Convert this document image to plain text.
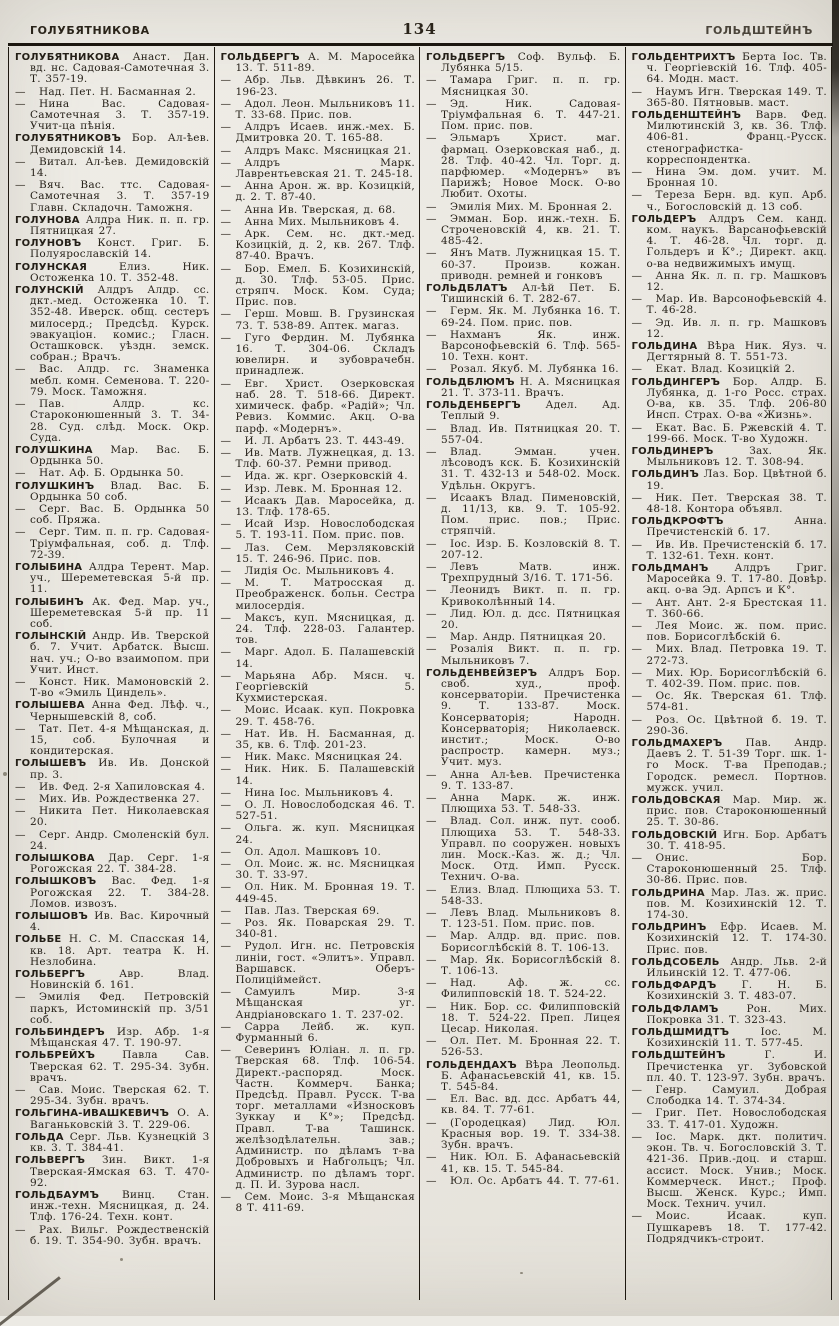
ГОЛУБЯТНИКОВА	ГОЛЬДШТЕЙНЪ
134

ГОЛУБЯТНИКОВА Анаст. Дан. вд. нс. Садовая-Самотечная 3. Т. 357-19.

— Над. Пет. Н. Басманная 2.

— Нина Вас. Садовая-Самотечная 3. Т. 357-19. Учит-ца пѣнія.

ГОЛУБЯТНИКОВЪ Бор. Ал-ѣев. Демидовскій 14.

— Витал. Ал-ѣев. Демидовскій 14.

— Вяч. Вас. ттс. Садовая-Самотечная 3. Т. 357-19 Главн. Складочн. Таможня.

ГОЛУНОВА Алдра Ник. п. п. гр. Пятницкая 27.

ГОЛУНОВЪ Конст. Григ. Б. Полуярославскій 14.

ГОЛУНСКАЯ Елиз. Ник. Остоженка 10. Т. 352-48.

ГОЛУНСКІЙ Алдръ Алдр. сс. дкт.-мед. Остоженка 10. Т. 352-48. Иверск. общ. сестеръ милосерд.; Предсѣд. Курск. эвакуаціон. комис.; Гласн. Осташковск. уѣздн. земск. собран.; Врачъ.

— Вас. Алдр. гс. Знаменка мебл. комн. Семенова. Т. 220-79. Моск. Таможня.

— Пав. Алдр. кс. Староконюшенный 3. Т. 34-28. Суд. слѣд. Моск. Окр. Суда.

ГОЛУШКИНА Мар. Вас. Б. Ордынка 50.

— Нат. Аф. Б. Ордынка 50.

ГОЛУШКИНЪ Влад. Вас. Б. Ордынка 50 соб.

— Серг. Вас. Б. Ордынка 50 соб. Пряжа.

— Серг. Тим. п. п. гр. Садовая-Тріумфальная, соб. д. Тлф. 72-39.

ГОЛЫБИНА Алдра Терент. Мар. уч., Шереметевская 5-й пр. 11.

ГОЛЫБИНЪ Ак. Фед. Мар. уч., Шереметевская 5-й пр. 11 соб.

ГОЛЫНСКІЙ Андр. Ив. Тверской б. 7. Учит. Арбатск. Высш. нач. уч.; О-во взаимопом. при Учит. Инст.

— Конст. Ник. Мамоновскій 2. Т-во «Эмиль Циндель».

ГОЛЫШЕВА Анна Фед. Лѣф. ч., Чернышевскій 8, соб.

— Тат. Пет. 4-я Мѣщанская, д. 15, соб. Булочная и кондитерская.

ГОЛЫШЕВЪ Ив. Ив. Донской пр. 3.

— Ив. Фед. 2-я Хапиловская 4.

— Мих. Ив. Рождественка 27.

— Никита Пет. Николаевская 20.

— Серг. Андр. Смоленскій бул. 24.

ГОЛЫШКОВА Дар. Серг. 1-я Рогожская 22. Т. 384-28.

ГОЛЫШКОВЪ Вас. Фед. 1-я Рогожская 22. Т. 384-28. Ломов. извозъ.

ГОЛЫШОВЪ Ив. Вас. Кирочный 4.

ГОЛЬБЕ Н. С. М. Спасская 14, кв. 18. Арт. театра К. Н. Незлобина.

ГОЛЬБЕРГЪ Авр. Влад. Новинскій б. 161.

— Эмилія Фед. Петровскій паркъ, Истоминскій пр. 3/51 соб.

ГОЛЬБИНДЕРЪ Изр. Абр. 1-я Мѣщанская 47. Т. 190-97.

ГОЛЬБРЕЙХЪ Павла Сав. Тверская 62. Т. 295-34. Зубн. врачъ.

— Сав. Моис. Тверская 62. Т. 295-34. Зубн. врачъ.

ГОЛЬГИНА-ИВАШКЕВИЧЪ О. А. Ваганьковскій 3. Т. 229-06.

ГОЛЬДА Серг. Льв. Кузнецкій 3 кв. 3. Т. 384-41.

ГОЛЬВЕРГЪ Зин. Викт. 1-я Тверская-Ямская 63. Т. 470-92.

ГОЛЬДБАУМЪ Винц. Стан. инж.-техн. Мясницкая, д. 24. Тлф. 176-24. Техн. конт.

— Рах. Вильг. Рождественскій б. 19. Т. 354-90. Зубн. врачъ.

ГОЛЬДБЕРГЪ А. М. Маросейка 13. Т. 511-89.

— Абр. Льв. Дѣвкинъ 26. Т. 196-23.

— Адол. Леон. Мыльниковъ 11. Т. 33-68. Прис. пов.

— Алдръ Исаев. инж.-мех. Б. Дмитровка 20. Т. 165-88.

— Алдръ Макс. Мясницкая 21.

— Алдръ Марк. Лаврентьевская 21. Т. 245-18.

— Анна Арон. ж. вр. Козицкій, д. 2. Т. 87-40.

— Анна Ив. Тверская, д. 68.

— Анна Мих. Мыльниковъ 4.

— Арк. Сем. нс. дкт.-мед. Козицкій, д. 2, кв. 267. Тлф. 87-40. Врачъ.

— Бор. Емел. Б. Козихинскій, д. 30. Тлф. 53-05. Прис. стряпч. Моск. Ком. Суда; Прис. пов.

— Герш. Мовш. В. Грузинская 73. Т. 538-89. Аптек. магаз.

— Гуго Фердин. М. Лубянка 16. Т. 304-06. Складъ ювелирн. и зубоврачебн. принадлеж.

— Евг. Христ. Озерковская наб. 28. Т. 518-66. Директ. химическ. фабр. «Радій»; Чл. Ревиз. Коммис. Акц. О-ва парф. «Модернъ».

— И. Л. Арбатъ 23. Т. 443-49.

— Ив. Матв. Лужнецкая, д. 13. Тлф. 60-37. Ремни привод.

— Ида. ж. крг. Озерковскій 4.

— Изр. Левк. М. Бронная 12.

— Исаакъ Дав. Маросейка, д. 13. Тлф. 178-65.

— Исай Изр. Новослободская 5. Т. 193-11. Пом. прис. пов.

— Лаз. Сем. Мерзляковскій 15. Т. 246-96. Прис. пов.

— Лидія Ос. Мыльниковъ 4.

— М. Т. Матросская д. Преображенск. больн. Сестра милосердія.

— Максъ, куп. Мясницкая, д. 24. Тлф. 228-03. Галантер. тов.

— Марг. Адол. Б. Палашевскій 14.

— Марьяна Абр. Мясн. ч. Георгіевскій 5. Кухмистерская.

— Моис. Исаак. куп. Покровка 29. Т. 458-76.

— Нат. Ив. Н. Басманная, д. 35, кв. 6. Тлф. 201-23.

— Ник. Макс. Мясницкая 24.

— Ник. Ник. Б. Палашевскій 14.

— Нина Іос. Мыльниковъ 4.

— О. Л. Новослободская 46. Т. 527-51.

— Ольга. ж. куп. Мясницкая 24.

— Ол. Адол. Машковъ 10.

— Ол. Моис. ж. нс. Мясницкая 30. Т. 33-97.

— Ол. Ник. М. Бронная 19. Т. 449-45.

— Пав. Лаз. Тверская 69.

— Роз. Як. Поварская 29. Т. 340-81.

— Рудол. Игн. нс. Петровскія линіи, гост. «Элитъ». Управл. Варшавск. Оберъ-Полиціймейст.

— Самуилъ Мир. 3-я Мѣщанская уг. Андріановскаго 1. Т. 237-02.

— Сарра Лейб. ж. куп. Фурманный 6.

— Северинъ Юліан. л. п. гр. Тверская 68. Тлф. 106-54. Директ.-распоряд. Моск. Частн. Коммерч. Банка; Предсѣд. Правл. Русск. Т-ва торг. металлами «Износковъ Зуккау и К°»; Предсѣд. Правл. Т-ва Ташинск. желѣзодѣлательн. зав.; Администр. по дѣламъ т-ва Добровыхъ и Набгольцъ; Чл. Администр. по дѣламъ торг. д. П. И. Зурова насл.

— Сем. Моис. 3-я Мѣщанская 8 Т. 411-69.

ГОЛЬДБЕРГЪ Соф. Вульф. Б. Лубянка 5/15.

— Тамара Григ. п. п. гр. Мясницкая 30.

— Эд. Ник. Садовая-Тріумфальная 6. Т. 447-21. Пом. прис. пов.

— Эльмаръ Христ. маг. фармац. Озерковская наб., д. 28. Тлф. 40-42. Чл. Торг. д. парфюмер. «Модернъ» въ Парижѣ; Новое Моск. О-во Любит. Охоты.

— Эмилія Мих. М. Бронная 2.

— Эмман. Бор. инж.-техн. Б. Строченовскій 4, кв. 21. Т. 485-42.

— Янъ Матв. Лужницкая 15. Т. 60-37. Произв. кожан. приводн. ремней и гонковъ

ГОЛЬДБЛАТЪ Ал-ѣй Пет. Б. Тишинскій 6. Т. 282-67.

— Герм. Як. М. Лубянка 16. Т. 69-24. Пом. прис. пов.

— Нахманъ Як. инж. Варсонофьевскій 6. Тлф. 565-10. Техн. конт.

— Розал. Якуб. М. Лубянка 16.

ГОЛЬДБЛЮМЪ Н. А. Мясницкая 21. Т. 373-11. Врачъ.

ГОЛЬДЕНБЕРГЪ Адел. Ад. Теплый 9.

— Влад. Ив. Пятницкая 20. Т. 557-04.

— Влад. Эмман. учен. лѣсоводъ кск. Б. Козихинскій 31. Т. 432-13 и 548-02. Моск. Удѣльн. Округъ.

— Исаакъ Влад. Пименовскій, д. 11/13, кв. 9. Т. 105-92. Пом. прис. пов.; Прис. стряпчій.

— Іос. Изр. Б. Козловскій 8. Т. 207-12.

— Левъ Матв. инж. Трехпрудный 3/16. Т. 171-56.

— Леонидъ Викт. п. п. гр. Кривоколѣнный 14.

— Лид. Юл. д. дсс. Пятницкая 20.

— Мар. Андр. Пятницкая 20.

— Розалія Викт. п. п. гр. Мыльниковъ 7.

ГОЛЬДЕНВЕЙЗЕРЪ Алдръ Бор. своб. худ., проф. консерваторіи. Пречистенка 9. Т. 133-87. Моск. Консерваторія; Народн. Консерваторія; Николаевск. инстит.; Моск. О-во распростр. камерн. муз.; Учит. муз.

— Анна Ал-ѣев. Пречистенка 9. Т. 133-87.

— Анна Марк. ж. инж. Плющиха 53. Т. 548-33.

— Влад. Сол. инж. пут. сооб. Плющиха 53. Т. 548-33. Управл. по сооружен. новыхъ лин. Моск.-Каз. ж. д.; Чл. Моск. Отд. Имп. Русск. Технич. О-ва.

— Елиз. Влад. Плющиха 53. Т. 548-33.

— Левъ Влад. Мыльниковъ 8. Т. 123-51. Пом. прис. пов.

— Мар. Алдр. вд. прис. пов. Борисоглѣбскій 8. Т. 106-13.

— Мар. Як. Борисоглѣбскій 8. Т. 106-13.

— Над. Аф. ж. сс. Филипповскій 18. Т. 524-22.

— Ник. Бор. сс. Филипповскій 18. Т. 524-22. Преп. Лицея Цесар. Николая.

— Ол. Пет. М. Бронная 22. Т. 526-53.

ГОЛЬДЕНДАХЪ Вѣра Леопольд. Б. Афанасьевскій 41, кв. 15. Т. 545-84.

— Ел. Вас. вд. дсс. Арбатъ 44, кв. 84. Т. 77-61.

— (Городецкая) Лид. Юл. Красныя вор. 19. Т. 334-38. Зубн. врачъ.

— Ник. Юл. Б. Афанасьевскій 41, кв. 15. Т. 545-84.

— Юл. Ос. Арбатъ 44. Т. 77-61.

ГОЛЬДЕНТРИХТЪ Берта Іос. Тв. ч. Георгіевскій 16. Тлф. 405-64. Модн. маст.

— Наумъ Игн. Тверская 149. Т. 365-80. Пятновыв. маст.

ГОЛЬДЕНШТЕЙНЪ Варв. Фед. Милютинскій 3, кв. 36. Тлф. 406-81. Франц.-Русск. стенографистка-корреспондентка.

— Нина Эм. дом. учит. М. Бронная 10.

— Тереза Берн. вд. куп. Арб. ч., Богословскій д. 13 соб.

ГОЛЬДЕРЪ Алдръ Сем. канд. ком. наукъ. Варсанофьевскій 4. Т. 46-28. Чл. торг. д. Гольдеръ и К°.; Директ. акц. о-ва недвижимыхъ имущ.

— Анна Як. л. п. гр. Машковъ 12.

— Мар. Ив. Варсонофьевскій 4. Т. 46-28.

— Эд. Ив. л. п. гр. Машковъ 12.

ГОЛЬДИНА Вѣра Ник. Яуз. ч. Дегтярный 8. Т. 551-73.

— Екат. Влад. Козицкій 2.

ГОЛЬДИНГЕРЪ Бор. Алдр. Б. Лубянка, д. 1-го Росс. страх. О-ва, кв. 35. Тлф. 206-80 Инсп. Страх. О-ва «Жизнь».

— Екат. Вас. Б. Ржевскій 4. Т. 199-66. Моск. Т-во Художн.

ГОЛЬДИНЕРЪ Зах. Як. Мыльниковъ 12. Т. 308-94.

ГОЛЬДИНЪ Лаз. Бор. Цвѣтной б. 19.

— Ник. Пет. Тверская 38. Т. 48-18. Контора объявл.

ГОЛЬДКРОФТЪ Анна. Пречистенскій б. 17.

— Ив. Ив. Пречистенскій б. 17. Т. 132-61. Техн. конт.

ГОЛЬДМАНЪ Алдръ Григ. Маросейка 9. Т. 17-80. Довѣр. акц. о-ва Эд. Арпсъ и К°.

— Ант. Ант. 2-я Брестская 11. Т. 360-66.

— Лея Моис. ж. пом. прис. пов. Борисоглѣбскій 6.

— Мих. Влад. Петровка 19. Т. 272-73.

— Мих. Юр. Борисоглѣбскій 6. Т. 402-39. Пом. прис. пов.

— Ос. Як. Тверская 61. Тлф. 574-81.

— Роз. Ос. Цвѣтной б. 19. Т. 290-36.

ГОЛЬДМАХЕРЪ Пав. Андр. Даевъ 2. Т. 51-39 Торг. шк. 1-го Моск. Т-ва Преподав.; Городск. ремесл. Портнов. мужск. учил.

ГОЛЬДОВСКАЯ Мар. Мир. ж. прис. пов. Староконюшенный 25. Т. 30-86.

ГОЛЬДОВСКІЙ Игн. Бор. Арбатъ 30. Т. 418-95.

— Онис. Бор. Староконюшенный 25. Тлф. 30-86. Прис. пов.

ГОЛЬДРИНА Мар. Лаз. ж. прис. пов. М. Козихинскій 12. Т. 174-30.

ГОЛЬДРИНЪ Ефр. Исаев. М. Козихинскій 12. Т. 174-30. Прис. пов.

ГОЛЬДСОБЕЛЬ Андр. Льв. 2-й Ильинскій 12. Т. 477-06.

ГОЛЬДФАРДЪ Г. Н. Б. Козихинскій 3. Т. 483-07.

ГОЛЬДФЛАМЪ Рон. Мих. Покровка 31. Т. 323-43.

ГОЛЬДШМИДТЪ Іос. М. Козихинскій 11. Т. 577-45.

ГОЛЬДШТЕЙНЪ Г. И. Пречистенка уг. Зубовской пл. 40. Т. 123-97. Зубн. врачъ.

— Генр. Самуил. Добрая Слободка 14. Т. 374-34.

— Григ. Пет. Новослободская 33. Т. 417-01. Художн.

— Іос. Марк. дкт. политич. экон. Тв. ч. Богословскій 3. Т. 421-36. Прив.-доц. и старш. ассист. Моск. Унив.; Моск. Коммерческ. Инст.; Проф. Высш. Женск. Курс.; Имп. Моск. Технич. учил.

— Моис. Исаак. куп. Пушкаревъ 18. Т. 177-42. Подрядчикъ-строит.
